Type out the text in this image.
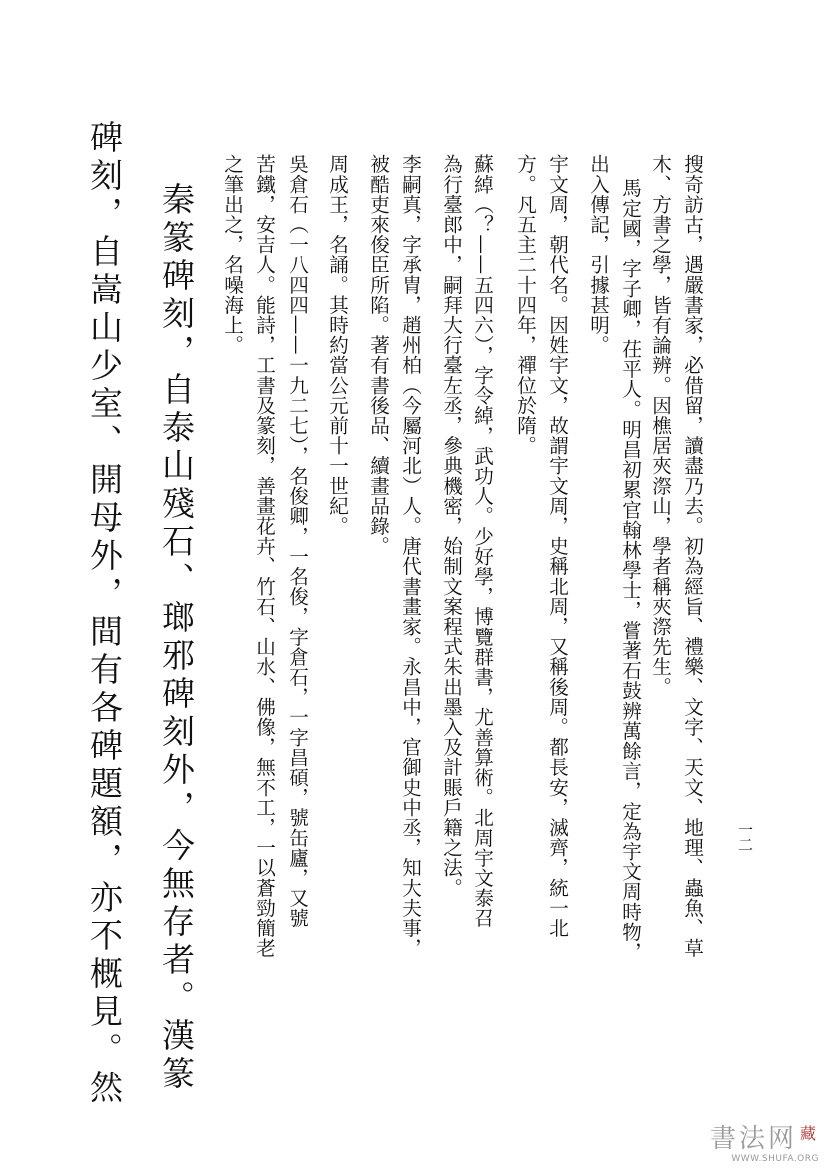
搜奇訪古，遇嚴書家，必借留，讀盡乃去。初為經旨、禮樂、文字、天文、地理、蟲魚、草
木、方書之學，皆有論辨。因樵居夾漈山，學者稱夾漈先生。
馬定國，字子卿，茌平人。明昌初累官翰林學士，嘗著石鼓辨萬餘言，定為宇文周時物，
出入傳記，引據甚明。
宇文周，朝代名。因姓宇文，故謂宇文周，史稱北周，又稱後周。都長安，滅齊，統一北
方。凡五主二十四年，禪位於隋。
蘇綽（？——五四六），字令綽，武功人。少好學，博覽群書，尤善算術。北周宇文泰召
為行臺郎中，嗣拜大行臺左丞，參典機密，始制文案程式朱出墨入及計賬戶籍之法。
李嗣真，字承胄，趙州柏（今屬河北）人。唐代書畫家。永昌中，官御史中丞，知大夫事，
被酷吏來俊臣所陷。著有書後品、續畫品錄。
周成王，名誦。其時約當公元前十一世紀。
吳倉石（一八四四——一九二七），名俊卿，一名俊，字倉石，一字昌碩，號缶廬，又號
苦鐵，安吉人。能詩，工書及篆刻，善畫花卉、竹石、山水、佛像，無不工，一以蒼勁簡老
之筆出之，名噪海上。
秦篆碑刻，自泰山殘石、瑯邪碑刻外，今無存者。漢篆
碑刻，自嵩山少室、開母外，間有各碑題額，亦不概見。然	一二
書法网 $^藏$
WWW.SHUFA.ORG
